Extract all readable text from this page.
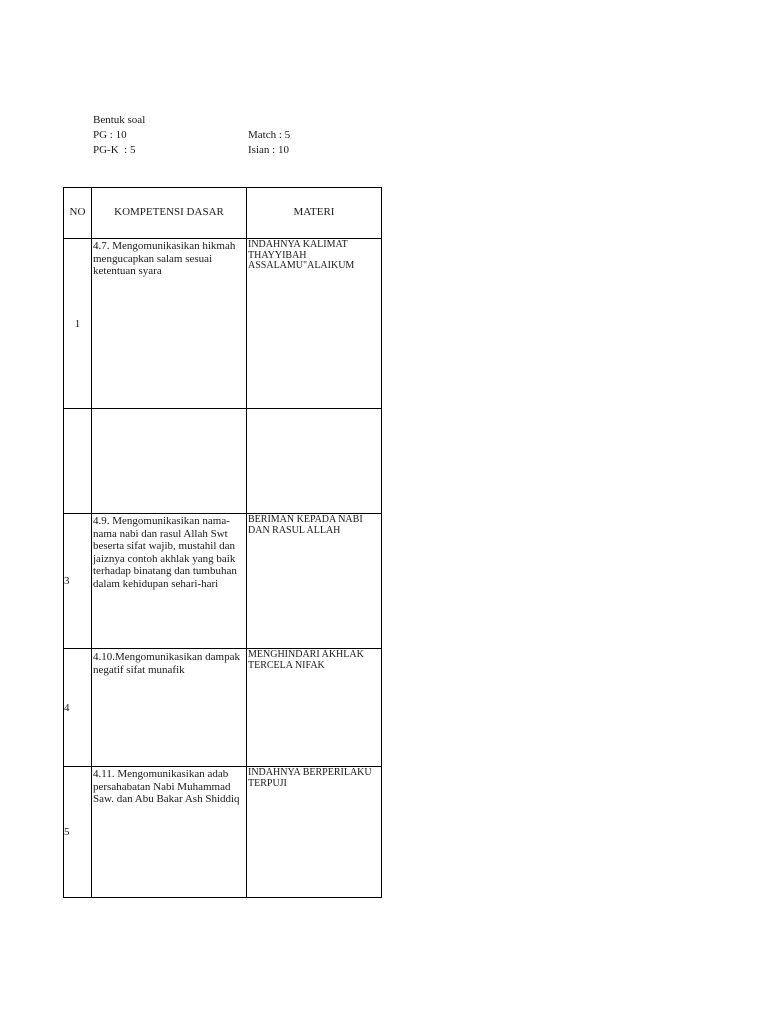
Bentuk soal
PG : 10
PG-K  : 5
Match : 5
Isian : 10
NO	KOMPETENSI DASAR	MATERI
1
4.7. Mengomunikasikan hikmah mengucapkan salam sesuai ketentuan syara
INDAHNYA KALIMAT THAYYIBAH ASSALAMU"ALAIKUM
3
4.9. Mengomunikasikan nama-nama nabi dan rasul Allah Swt beserta sifat wajib, mustahil dan jaiznya contoh akhlak yang baik terhadap binatang dan tumbuhan dalam kehidupan sehari-hari
BERIMAN KEPADA NABI DAN RASUL ALLAH
4
4.10.Mengomunikasikan dampak negatif sifat munafik
MENGHINDARI AKHLAK TERCELA NIFAK
5
4.11. Mengomunikasikan adab persahabatan Nabi Muhammad Saw. dan Abu Bakar Ash Shiddiq
INDAHNYA BERPERILAKU TERPUJI
